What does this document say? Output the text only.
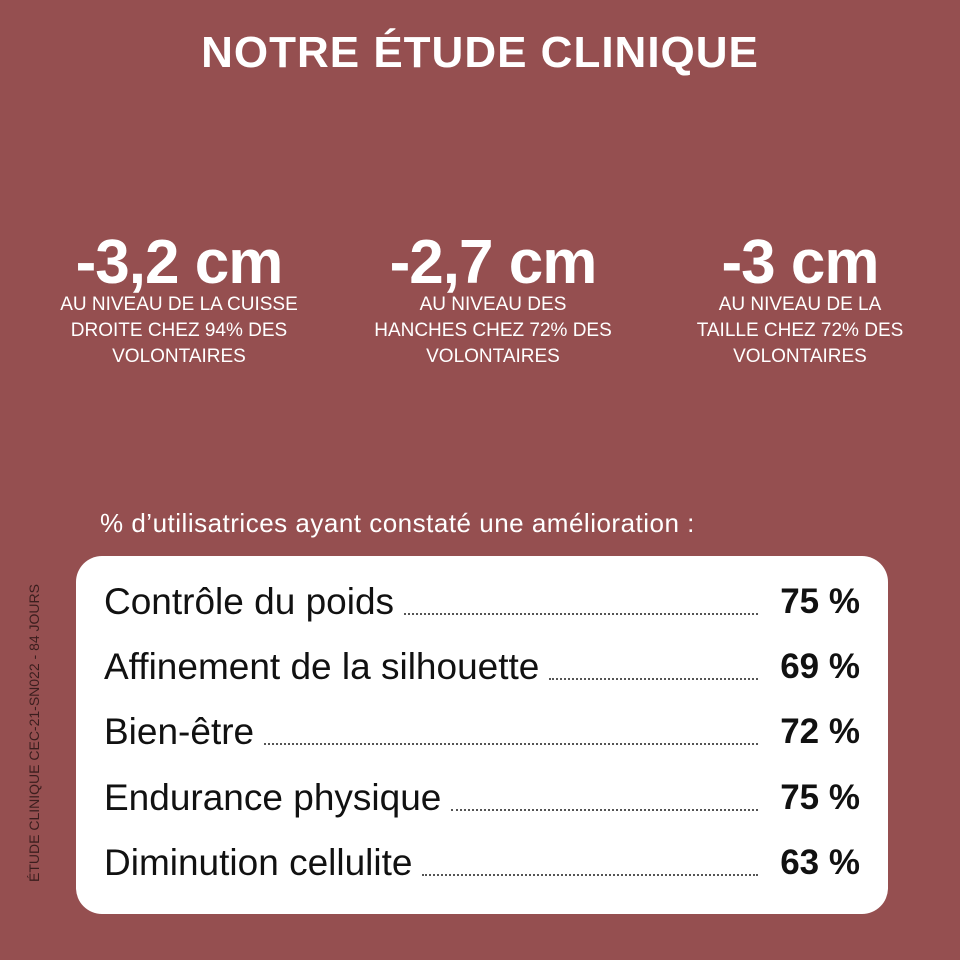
NOTRE ÉTUDE CLINIQUE
-3,2 cm
AU NIVEAU DE LA CUISSE
DROITE CHEZ 94% DES
VOLONTAIRES
-2,7 cm
AU NIVEAU DES
HANCHES CHEZ 72% DES
VOLONTAIRES
-3 cm
AU NIVEAU DE LA
TAILLE CHEZ 72% DES
VOLONTAIRES
% d’utilisatrices ayant constaté une amélioration :
ÉTUDE CLINIQUE CEC-21-SN022 - 84 JOURS Contrôle du poids	75 %
Affinement de la silhouette	69 %
Bien-être	72 %
Endurance physique	75 %
Diminution cellulite	63 %
